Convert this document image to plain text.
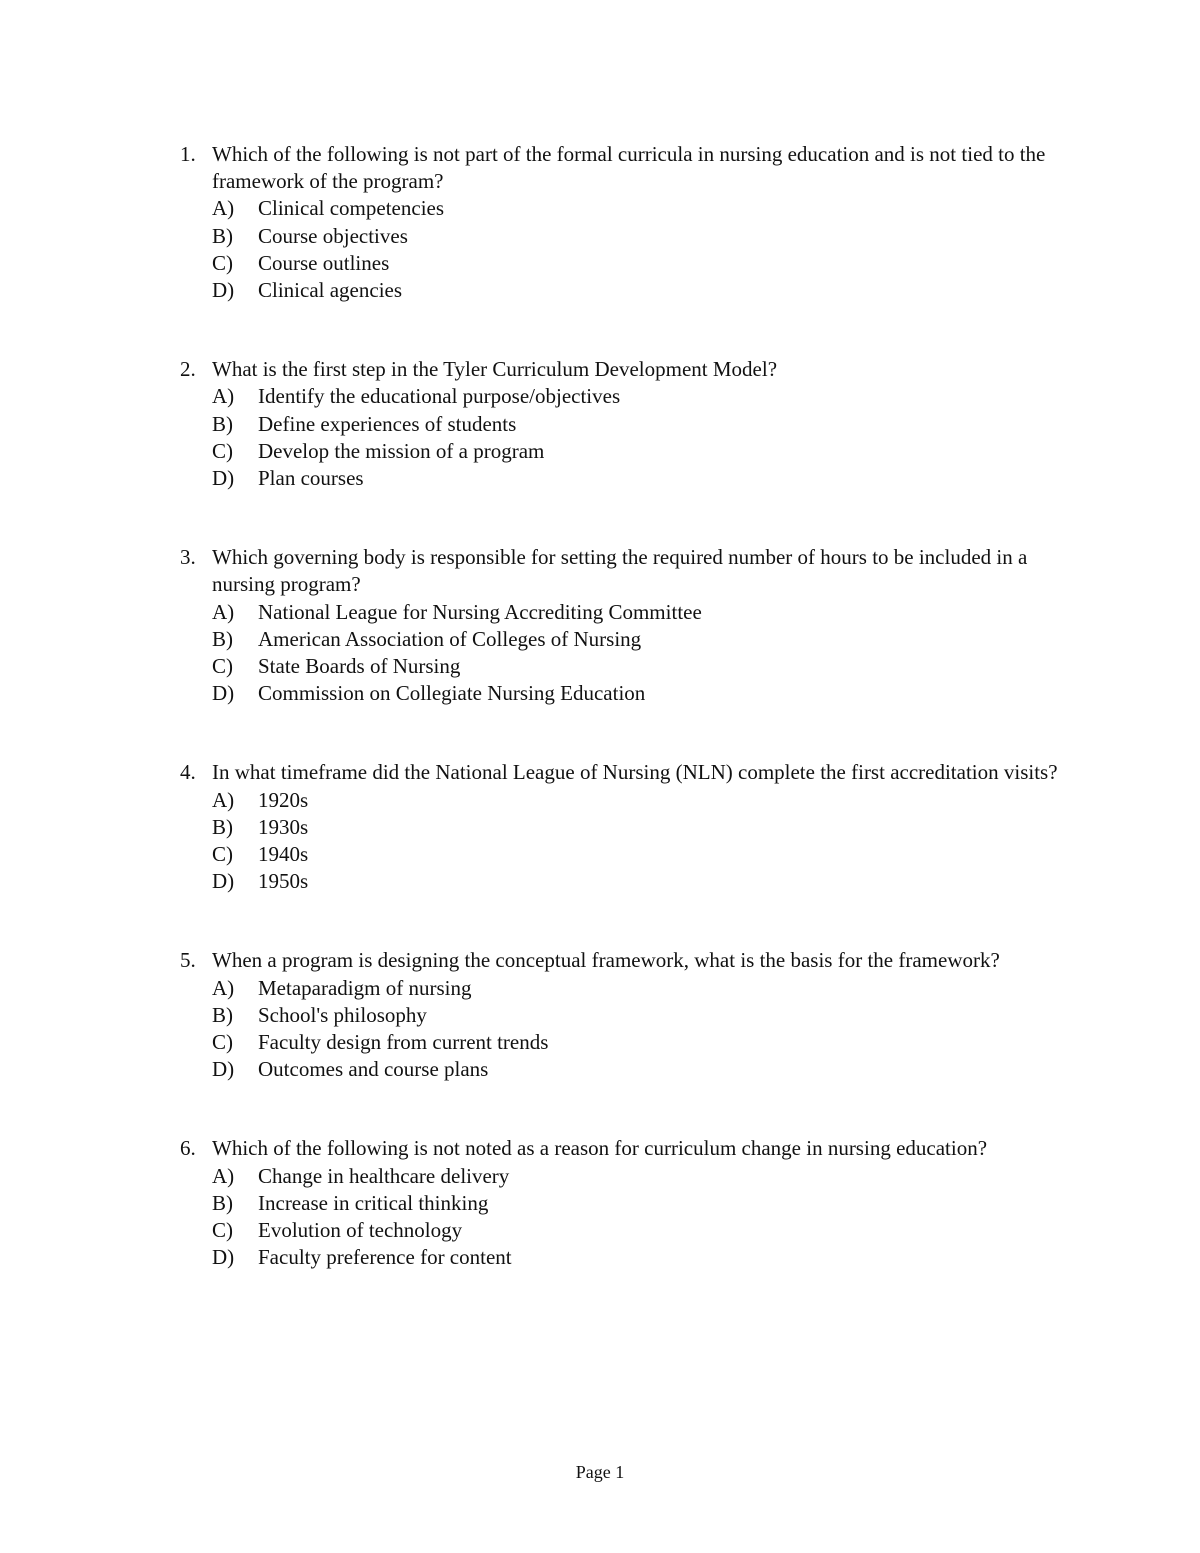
1. Which of the following is not part of the formal curricula in nursing education and is not tied to the framework of the program?
A)	Clinical competencies
B)	Course objectives
C)	Course outlines
D)	Clinical agencies
2. What is the first step in the Tyler Curriculum Development Model?
A)	Identify the educational purpose/objectives
B)	Define experiences of students
C)	Develop the mission of a program
D)	Plan courses
3. Which governing body is responsible for setting the required number of hours to be included in a nursing program?
A)	National League for Nursing Accrediting Committee
B)	American Association of Colleges of Nursing
C)	State Boards of Nursing
D)	Commission on Collegiate Nursing Education
4. In what timeframe did the National League of Nursing (NLN) complete the first accreditation visits?
A)	1920s
B)	1930s
C)	1940s
D)	1950s
5. When a program is designing the conceptual framework, what is the basis for the framework?
A)	Metaparadigm of nursing
B)	School's philosophy
C)	Faculty design from current trends
D)	Outcomes and course plans
6. Which of the following is not noted as a reason for curriculum change in nursing education?
A)	Change in healthcare delivery
B)	Increase in critical thinking
C)	Evolution of technology
D)	Faculty preference for content
Page 1
